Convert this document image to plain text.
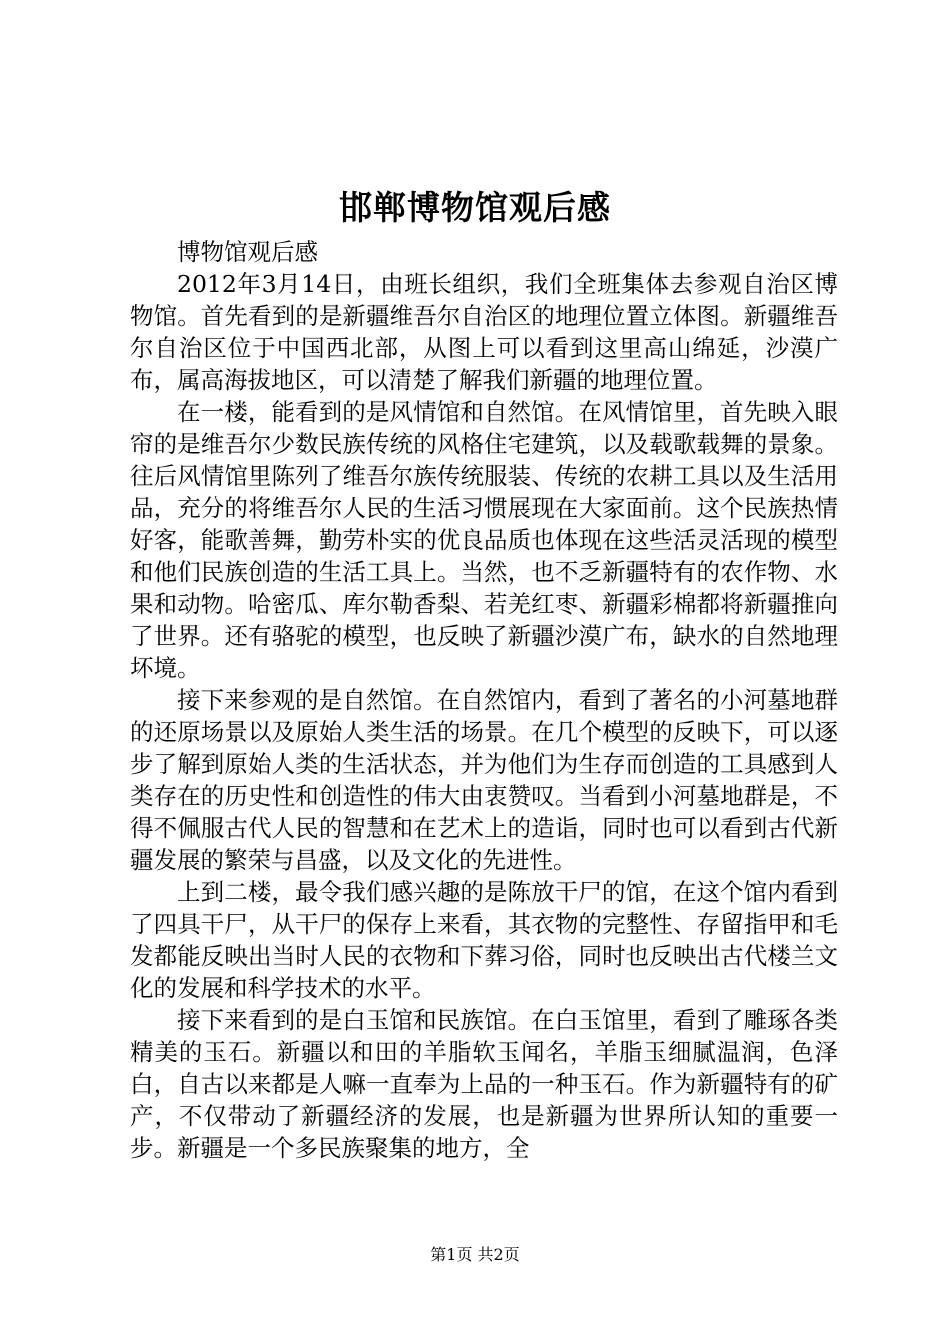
邯郸博物馆观后感

博物馆观后感

2012年3月14日，由班长组织，我们全班集体去参观自治区博物馆。首先看到的是新疆维吾尔自治区的地理位置立体图。新疆维吾尔自治区位于中国西北部，从图上可以看到这里高山绵延，沙漠广布，属高海拔地区，可以清楚了解我们新疆的地理位置。

在一楼，能看到的是风情馆和自然馆。在风情馆里，首先映入眼帘的是维吾尔少数民族传统的风格住宅建筑，以及载歌载舞的景象。往后风情馆里陈列了维吾尔族传统服装、传统的农耕工具以及生活用品，充分的将维吾尔人民的生活习惯展现在大家面前。这个民族热情好客，能歌善舞，勤劳朴实的优良品质也体现在这些活灵活现的模型和他们民族创造的生活工具上。当然，也不乏新疆特有的农作物、水果和动物。哈密瓜、库尔勒香梨、若羌红枣、新疆彩棉都将新疆推向了世界。还有骆驼的模型，也反映了新疆沙漠广布，缺水的自然地理坏境。

接下来参观的是自然馆。在自然馆内，看到了著名的小河墓地群的还原场景以及原始人类生活的场景。在几个模型的反映下，可以逐步了解到原始人类的生活状态，并为他们为生存而创造的工具感到人类存在的历史性和创造性的伟大由衷赞叹。当看到小河墓地群是，不得不佩服古代人民的智慧和在艺术上的造诣，同时也可以看到古代新疆发展的繁荣与昌盛，以及文化的先进性。

上到二楼，最令我们感兴趣的是陈放干尸的馆，在这个馆内看到了四具干尸，从干尸的保存上来看，其衣物的完整性、存留指甲和毛发都能反映出当时人民的衣物和下葬习俗，同时也反映出古代楼兰文化的发展和科学技术的水平。

接下来看到的是白玉馆和民族馆。在白玉馆里，看到了雕琢各类精美的玉石。新疆以和田的羊脂软玉闻名，羊脂玉细腻温润，色泽白，自古以来都是人嘛一直奉为上品的一种玉石。作为新疆特有的矿产，不仅带动了新疆经济的发展，也是新疆为世界所认知的重要一步。新疆是一个多民族聚集的地方，全

第1页 共2页
